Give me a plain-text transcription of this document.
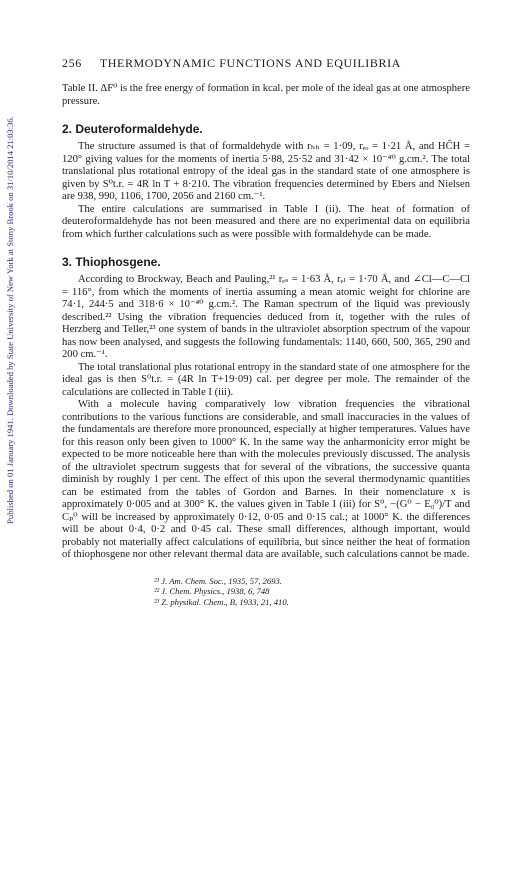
Published on 01 January 1941. Downloaded by State University of New York at Stony Brook on 31/10/2014 21:03:36.
256 THERMODYNAMIC FUNCTIONS AND EQUILIBRIA

Table II. ΔF⁰ is the free energy of formation in kcal. per mole of the ideal gas at one atmosphere pressure.

2. Deuteroformaldehyde.

The structure assumed is that of formaldehyde with rₕₕ = 1·09, rₑₒ = 1·21 Å, and HĈH = 120° giving values for the moments of inertia 5·88, 25·52 and 31·42 × 10⁻⁴⁰ g.cm.². The total translational plus rotational entropy of the ideal gas in the standard state of one atmosphere is given by S⁰t.r. = 4R ln T + 8·210. The vibration frequencies determined by Ebers and Nielsen are 938, 990, 1106, 1700, 2056 and 2160 cm.⁻¹.

The entire calculations are summarised in Table I (ii). The heat of formation of deuteroformaldehyde has not been measured and there are no experimental data on equilibria from which further calculations such as were possible with formaldehyde can be made.

3. Thiophosgene.

According to Brockway, Beach and Pauling,²¹ rₑₛ = 1·63 Å, rₑₗ = 1·70 Å, and ∠Cl—C—Cl = 116°, from which the moments of inertia assuming a mean atomic weight for chlorine are 74·1, 244·5 and 318·6 × 10⁻⁴⁰ g.cm.². The Raman spectrum of the liquid was previously described.²² Using the vibration frequencies deduced from it, together with the rules of Herzberg and Teller,²³ one system of bands in the ultraviolet absorption spectrum of the vapour has now been analysed, and suggests the following fundamentals: 1140, 660, 500, 365, 290 and 200 cm.⁻¹.

The total translational plus rotational entropy in the standard state of one atmosphere for the ideal gas is then S⁰t.r. = (4R ln T+19·09) cal. per degree per mole. The remainder of the calculations are collected in Table I (iii).

With a molecule having comparatively low vibration frequencies the vibrational contributions to the various functions are considerable, and small inaccuracies in the values of the fundamentals are therefore more pronounced, especially at higher temperatures. Values have for this reason only been given to 1000° K. In the same way the anharmonicity error might be expected to be more noticeable here than with the molecules previously discussed. The analysis of the ultraviolet spectrum suggests that for several of the vibrations, the successive quanta diminish by roughly 1 per cent. The effect of this upon the several thermodynamic quantities can be estimated from the tables of Gordon and Barnes. In their nomenclature x is approximately 0·005 and at 300° K. the values given in Table I (iii) for S⁰, −(G⁰ − E₀⁰)/T and Cₚ⁰ will be increased by approximately 0·12, 0·05 and 0·15 cal.; at 1000° K. the differences will be about 0·4, 0·2 and 0·45 cal. These small differences, although important, would probably not materially affect calculations of equilibria, but since neither the heat of formation of thiophosgene nor other relevant thermal data are available, such calculations cannot be made.

²¹ J. Am. Chem. Soc., 1935, 57, 2693.
²² J. Chem. Physics., 1938, 6, 748
²³ Z. physikal. Chem., B, 1933, 21, 410.
